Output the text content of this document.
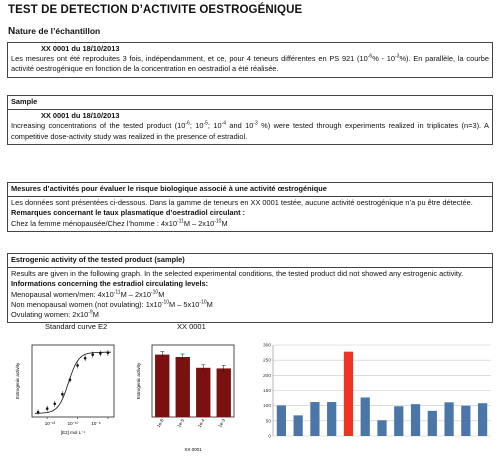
TEST DE DETECTION D’ACTIVITE OESTROGÉNIQUE
Nature de l’échantillon
XX 0001 du 18/10/2013
Les mesures ont été reproduites 3 fois, indépendamment, et ce, pour 4 teneurs différentes en PS 921 $(10^{-6}\% - 10^{-3}\%)$. En parallèle, la courbe activité oestrogénique en fonction de la concentration en oestradiol a été réalisée.
Sample
XX 0001 du 18/10/2013
Increasing concentrations of the tested product ($10^{-6}$; $10^{-5}$; $10^{-4}$ and $10^{-3}$ %) were tested through experiments realized in triplicates (n=3). A competitive dose-activity study was realized in the presence of estradiol.
Mesures d’activités pour évaluer le risque biologique associé à une activité œstrogénique
Les données sont présentées ci-dessous. Dans la gamme de teneurs en XX 0001 testée, aucune activité oestrogénique n’a pu être détectée.
Remarques concernant le taux plasmatique d’oestradiol circulant :
Chez la femme ménopausée/Chez l’homme : $4x10^{-11}M - 2x10^{-10}M$
Estrogenic activity of the tested product (sample)
Results are given in the following graph. In the selected experimental conditions, the tested product did not showed any estrogenic activity.
Informations concerning the estradiol circulating levels:
Menopausal women/men: $4x10^{-11}M - 2x10^{-10}M$
Non menopausal women (not ovulating): $1x10^{-10}M - 5x10^{-10}M$
Ovulating women: $2x10^{-9}M$
Standard curve E2	XX 0001
Estrogenic activity
10⁻¹²	10⁻¹⁰	10⁻⁸
[E2] mol L⁻¹
Estrogenic activity
XX 0001
1e-6	1e-5	1e-4	1e-3
0
50
100
150
200
250
300
